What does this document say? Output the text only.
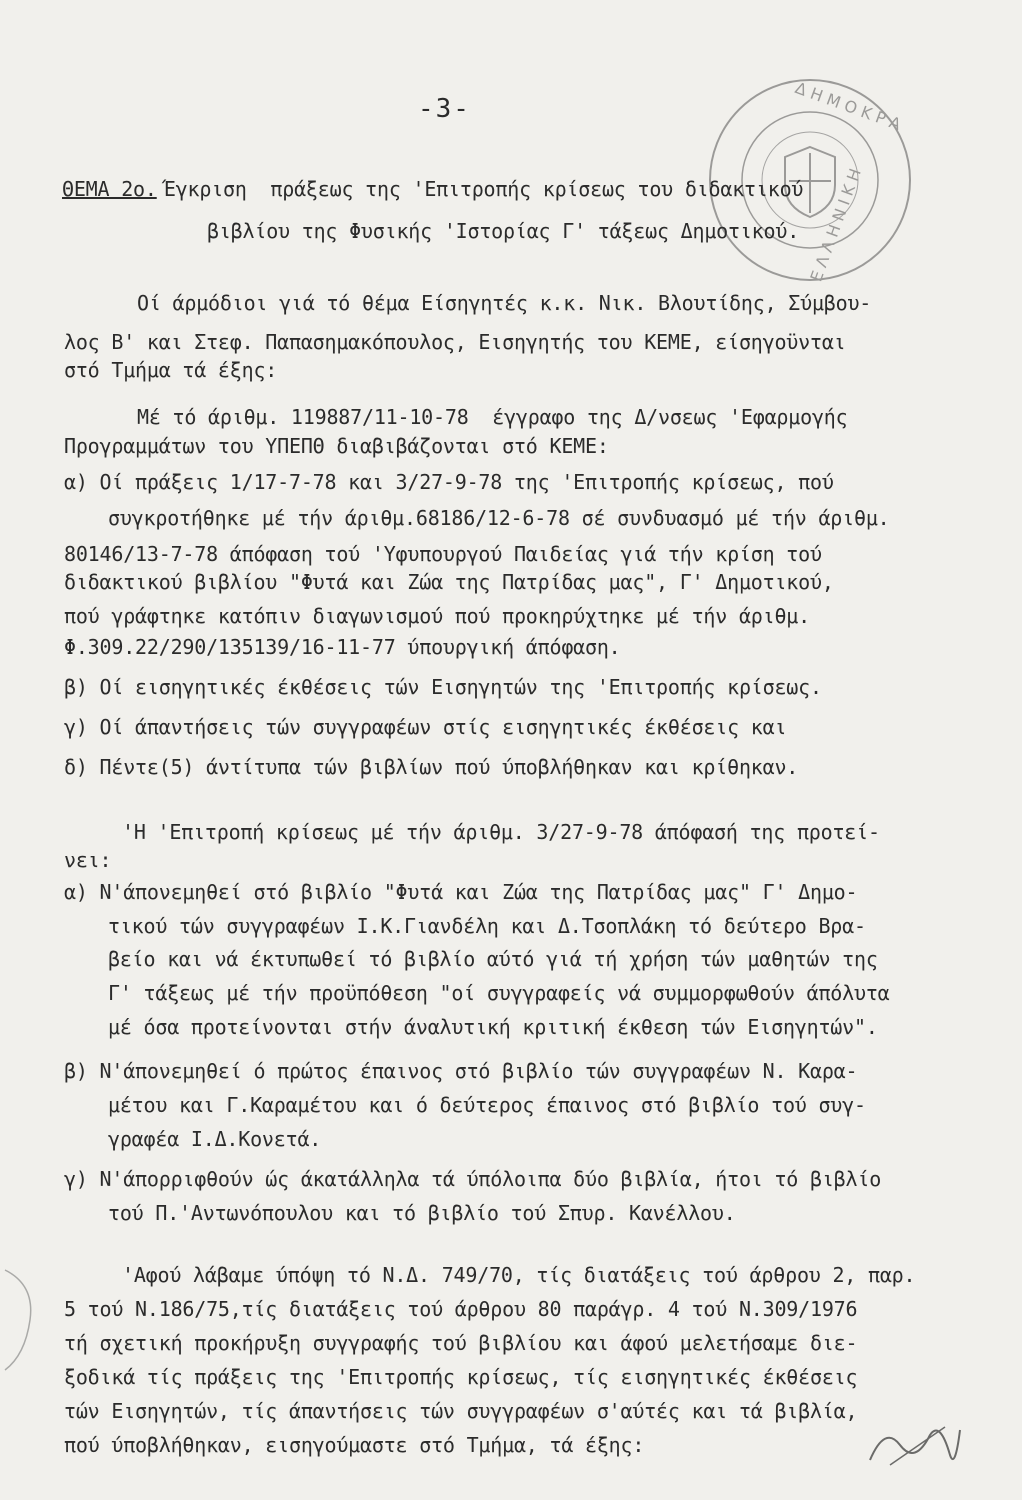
-3-	Δ Η Μ Ο Κ Ρ Α
Ε Λ Λ Η Ν Ι Κ Η
ΘΕΜΑ 2ο.
Έγκριση  πράξεως της 'Επιτροπής κρίσεως του διδακτικού
βιβλίου της Φυσικής 'Ιστορίας Γ' τάξεως Δημοτικού.
Οί άρμόδιοι γιά τό θέμα Είσηγητές κ.κ. Νικ. Βλουτίδης, Σύμβου-
λος Β' και Στεφ. Παπασημακόπουλος, Εισηγητής του ΚΕΜΕ, είσηγοϋνται
στό Τμήμα τά έξης:
Μέ τό άριθμ. 119887/11-10-78  έγγραφο της Δ/νσεως 'Εφαρμογής
Προγραμμάτων του ΥΠΕΠΘ διαβιβάζονται στό ΚΕΜΕ:
α) Οί πράξεις 1/17-7-78 και 3/27-9-78 της 'Επιτροπής κρίσεως, πού
συγκροτήθηκε μέ τήν άριθμ.68186/12-6-78 σέ συνδυασμό μέ τήν άριθμ.
80146/13-7-78 άπόφαση τού 'Υφυπουργού Παιδείας γιά τήν κρίση τού
διδακτικού βιβλίου "Φυτά και Ζώα της Πατρίδας μας", Γ' Δημοτικού,
πού γράφτηκε κατόπιν διαγωνισμού πού προκηρύχτηκε μέ τήν άριθμ.
Φ.309.22/290/135139/16-11-77 ύπουργική άπόφαση.
β) Οί εισηγητικές έκθέσεις τών Εισηγητών της 'Επιτροπής κρίσεως.
γ) Οί άπαντήσεις τών συγγραφέων στίς εισηγητικές έκθέσεις και
δ) Πέντε(5) άντίτυπα τών βιβλίων πού ύποβλήθηκαν και κρίθηκαν.
'Η 'Επιτροπή κρίσεως μέ τήν άριθμ. 3/27-9-78 άπόφασή της προτεί-
νει:
α) Ν'άπονεμηθεί στό βιβλίο "Φυτά και Ζώα της Πατρίδας μας" Γ' Δημο-
τικού τών συγγραφέων Ι.Κ.Γιανδέλη και Δ.Τσοπλάκη τό δεύτερο Βρα-
βείο και νά έκτυπωθεί τό βιβλίο αύτό γιά τή χρήση τών μαθητών της
Γ' τάξεως μέ τήν προϋπόθεση "οί συγγραφείς νά συμμορφωθούν άπόλυτα
μέ όσα προτείνονται στήν άναλυτική κριτική έκθεση τών Εισηγητών".
β) Ν'άπονεμηθεί ό πρώτος έπαινος στό βιβλίο τών συγγραφέων Ν. Καρα-
μέτου και Γ.Καραμέτου και ό δεύτερος έπαινος στό βιβλίο τού συγ-
γραφέα Ι.Δ.Κονετά.
γ) Ν'άπορριφθούν ώς άκατάλληλα τά ύπόλοιπα δύο βιβλία, ήτοι τό βιβλίο
τού Π.'Αντωνόπουλου και τό βιβλίο τού Σπυρ. Κανέλλου.
'Αφού λάβαμε ύπόψη τό Ν.Δ. 749/70, τίς διατάξεις τού άρθρου 2, παρ.
5 τού Ν.186/75,τίς διατάξεις τού άρθρου 80 παράγρ. 4 τού Ν.309/1976
τή σχετική προκήρυξη συγγραφής τού βιβλίου και άφού μελετήσαμε διε-
ξοδικά τίς πράξεις της 'Επιτροπής κρίσεως, τίς εισηγητικές έκθέσεις
τών Εισηγητών, τίς άπαντήσεις τών συγγραφέων σ'αύτές και τά βιβλία,
πού ύποβλήθηκαν, εισηγούμαστε στό Τμήμα, τά έξης:
